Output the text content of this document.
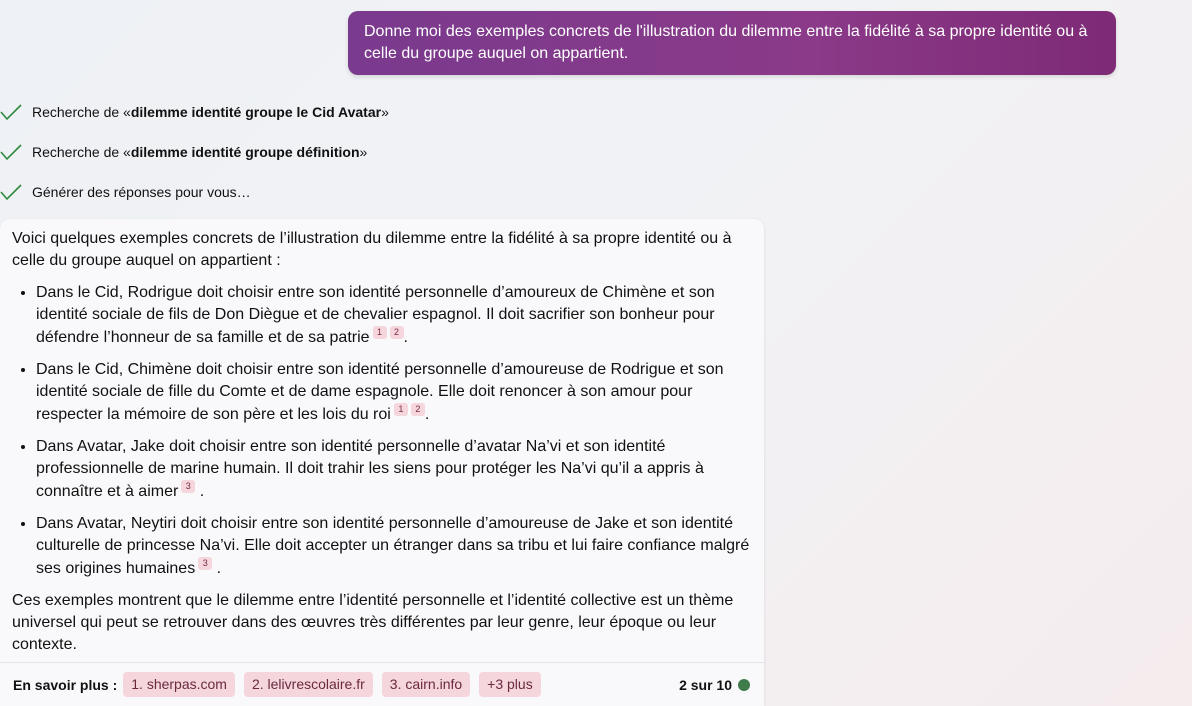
Donne moi des exemples concrets de l'illustration du dilemme entre la fidélité à sa propre identité ou à celle du groupe auquel on appartient.
Recherche de «dilemme identité groupe le Cid Avatar»
Recherche de «dilemme identité groupe définition»
Générer des réponses pour vous…

Voici quelques exemples concrets de l’illustration du dilemme entre la fidélité à sa propre identité ou à celle du groupe auquel on appartient :

• Dans le Cid, Rodrigue doit choisir entre son identité personnelle d’amoureux de Chimène et son identité sociale de fils de Don Diègue et de chevalier espagnol. Il doit sacrifier son bonheur pour défendre l’honneur de sa famille et de sa patrie $^1$ $^2$ .
• Dans le Cid, Chimène doit choisir entre son identité personnelle d’amoureuse de Rodrigue et son identité sociale de fille du Comte et de dame espagnole. Elle doit renoncer à son amour pour respecter la mémoire de son père et les lois du roi $^1$ $^2$ .
• Dans Avatar, Jake doit choisir entre son identité personnelle d’avatar Na’vi et son identité professionnelle de marine humain. Il doit trahir les siens pour protéger les Na’vi qu’il a appris à connaître et à aimer $^3$ .
• Dans Avatar, Neytiri doit choisir entre son identité personnelle d’amoureuse de Jake et son identité culturelle de princesse Na’vi. Elle doit accepter un étranger dans sa tribu et lui faire confiance malgré ses origines humaines $^3$ .

Ces exemples montrent que le dilemme entre l’identité personnelle et l’identité collective est un thème universel qui peut se retrouver dans des œuvres très différentes par leur genre, leur époque ou leur contexte.

En savoir plus :	1. sherpas.com	2. lelivrescolaire.fr	3. cairn.info	+3 plus	2 sur 10
